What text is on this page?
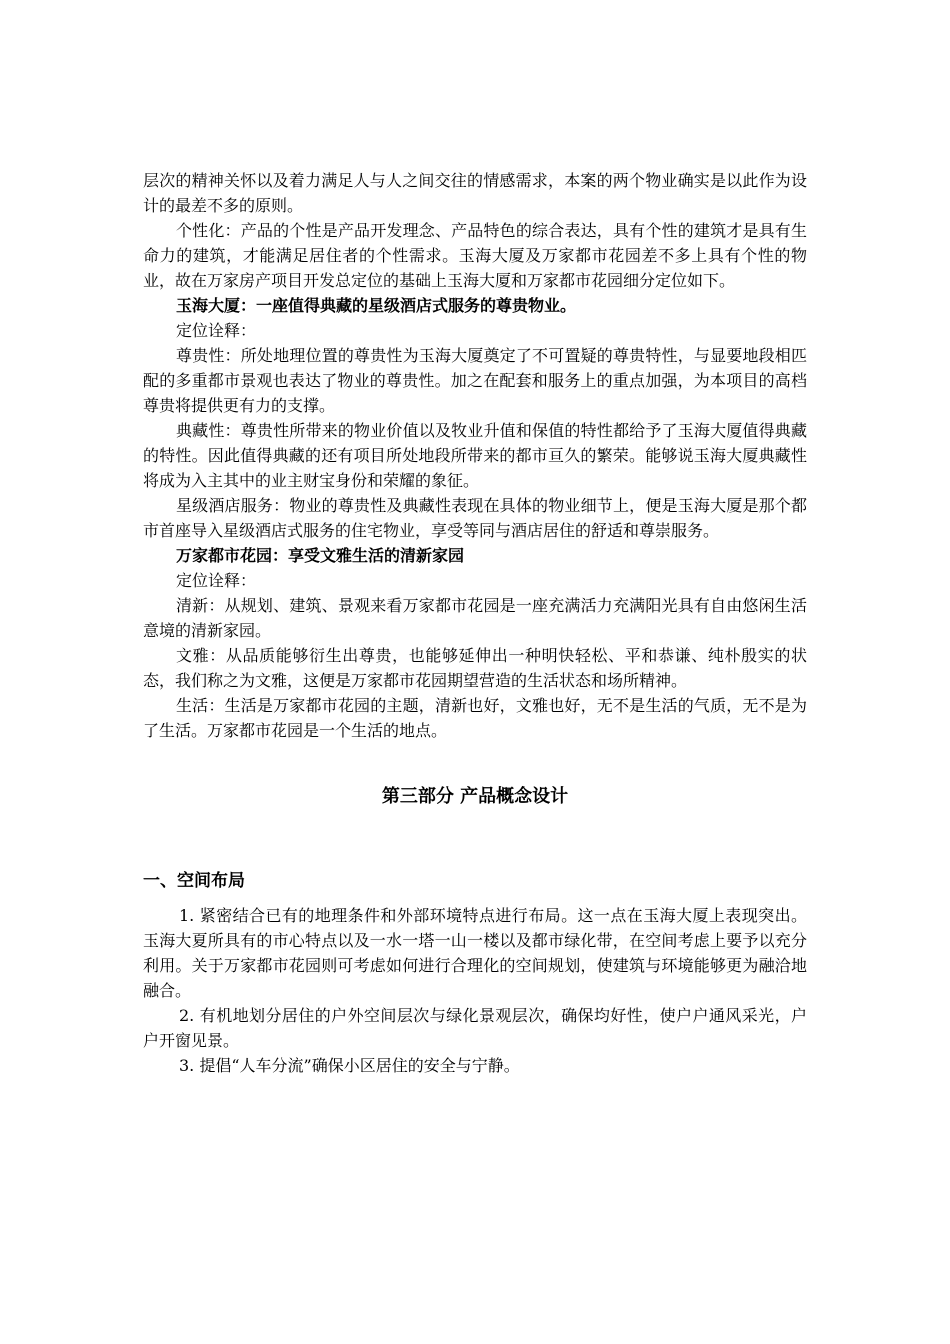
层次的精神关怀以及着力满足人与人之间交往的情感需求，本案的两个物业确实是以此作为设计的最差不多的原则。

个性化：产品的个性是产品开发理念、产品特色的综合表达，具有个性的建筑才是具有生命力的建筑，才能满足居住者的个性需求。玉海大厦及万家都市花园差不多上具有个性的物业，故在万家房产项目开发总定位的基础上玉海大厦和万家都市花园细分定位如下。

玉海大厦：一座值得典藏的星级酒店式服务的尊贵物业。

定位诠释：

尊贵性：所处地理位置的尊贵性为玉海大厦奠定了不可置疑的尊贵特性，与显要地段相匹配的多重都市景观也表达了物业的尊贵性。加之在配套和服务上的重点加强，为本项目的高档尊贵将提供更有力的支撑。

典藏性：尊贵性所带来的物业价值以及牧业升值和保值的特性都给予了玉海大厦值得典藏的特性。因此值得典藏的还有项目所处地段所带来的都市亘久的繁荣。能够说玉海大厦典藏性将成为入主其中的业主财宝身份和荣耀的象征。

星级酒店服务：物业的尊贵性及典藏性表现在具体的物业细节上，便是玉海大厦是那个都市首座导入星级酒店式服务的住宅物业，享受等同与酒店居住的舒适和尊崇服务。

万家都市花园：享受文雅生活的清新家园

定位诠释：

清新：从规划、建筑、景观来看万家都市花园是一座充满活力充满阳光具有自由悠闲生活意境的清新家园。

文雅：从品质能够衍生出尊贵，也能够延伸出一种明快轻松、平和恭谦、纯朴殷实的状态，我们称之为文雅，这便是万家都市花园期望营造的生活状态和场所精神。

生活：生活是万家都市花园的主题，清新也好，文雅也好，无不是生活的气质，无不是为了生活。万家都市花园是一个生活的地点。

第三部分 产品概念设计

一、空间布局

1. 紧密结合已有的地理条件和外部环境特点进行布局。这一点在玉海大厦上表现突出。玉海大夏所具有的市心特点以及一水一塔一山一楼以及都市绿化带，在空间考虑上要予以充分利用。关于万家都市花园则可考虑如何进行合理化的空间规划，使建筑与环境能够更为融洽地融合。

2. 有机地划分居住的户外空间层次与绿化景观层次，确保均好性，使户户通风采光，户户开窗见景。

3. 提倡“人车分流”确保小区居住的安全与宁静。
